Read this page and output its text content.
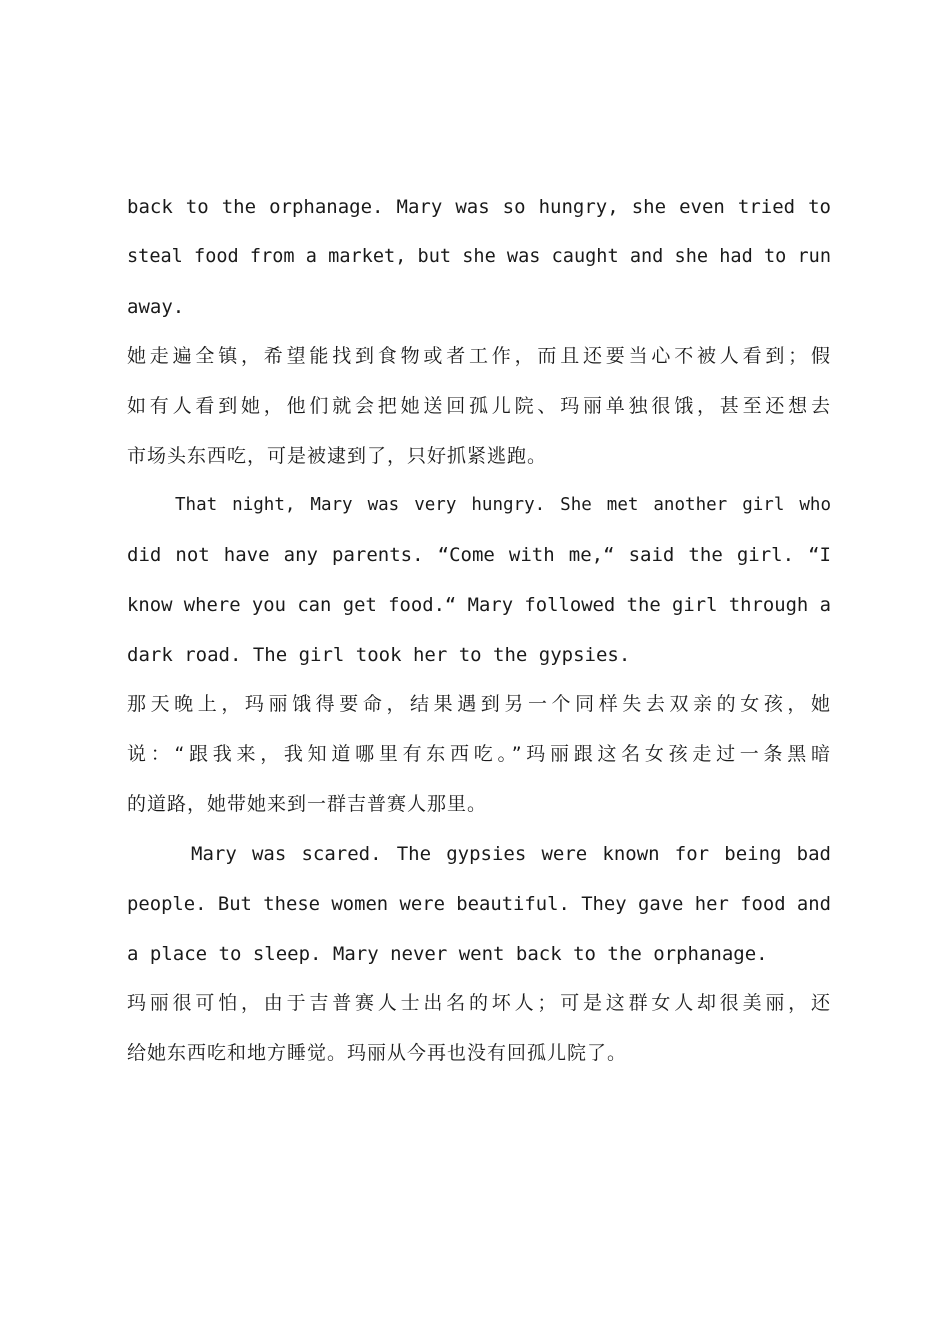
back to the orphanage. Mary was so hungry, she even tried to
steal food from a market, but she was caught and she had to run
away.
她走遍全镇，希望能找到食物或者工作，而且还要当心不被人看到；假
如有人看到她，他们就会把她送回孤儿院、玛丽单独很饿，甚至还想去
市场头东西吃，可是被逮到了，只好抓紧逃跑。
That night, Mary was very hungry. She met another girl who
did not have any parents. “Come with me,“ said the girl. “I
know where you can get food.“ Mary followed the girl through a
dark road. The girl took her to the gypsies.
那天晚上，玛丽饿得要命，结果遇到另一个同样失去双亲的女孩，她
说：“跟我来，我知道哪里有东西吃。”玛丽跟这名女孩走过一条黑暗
的道路，她带她来到一群吉普赛人那里。
Mary was scared. The gypsies were known for being bad
people. But these women were beautiful. They gave her food and
a place to sleep. Mary never went back to the orphanage.
玛丽很可怕，由于吉普赛人士出名的坏人；可是这群女人却很美丽，还
给她东西吃和地方睡觉。玛丽从今再也没有回孤儿院了。
